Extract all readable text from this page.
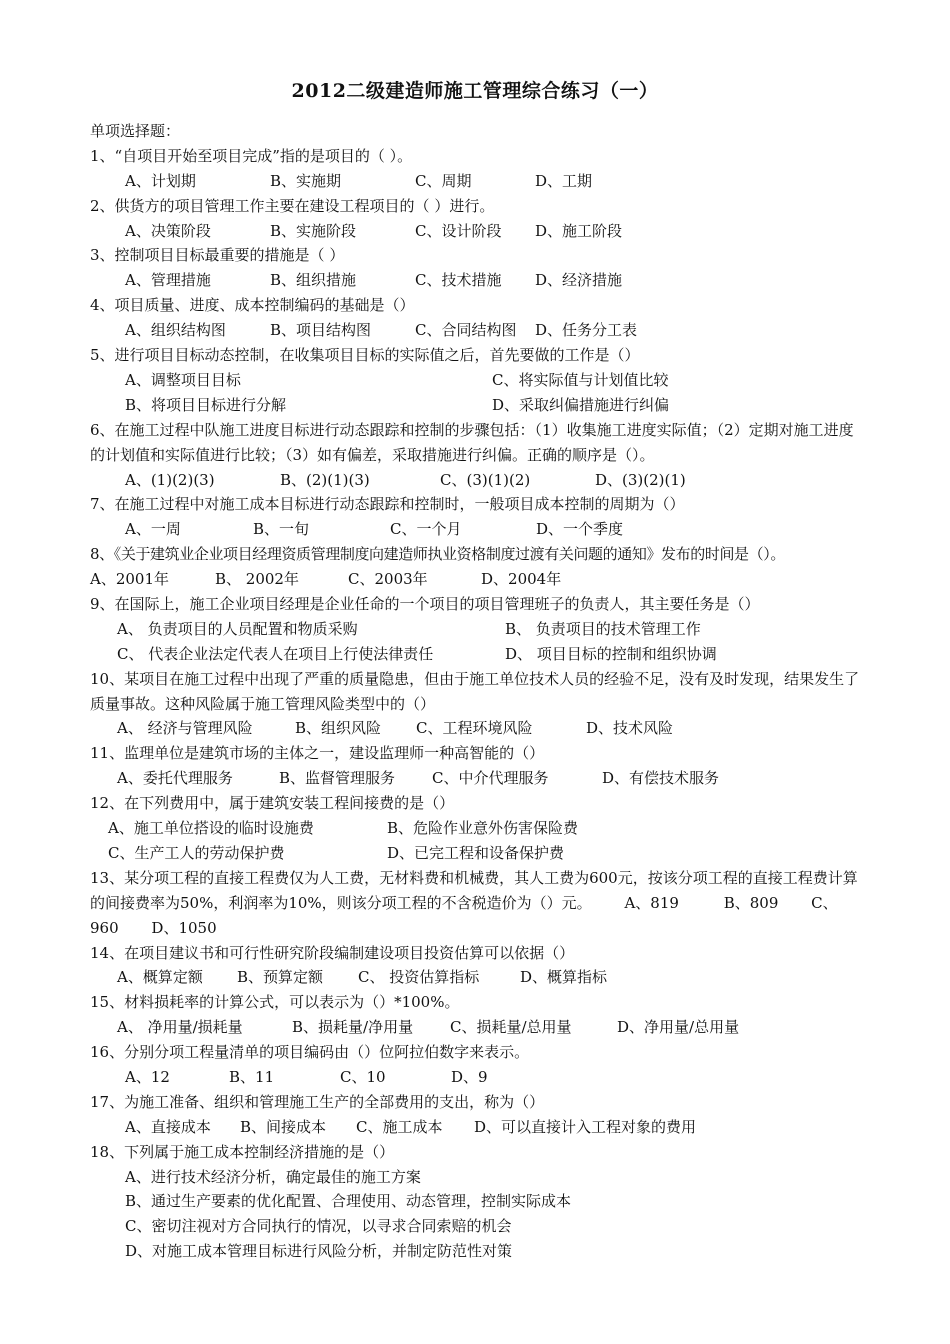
2012二级建造师施工管理综合练习（一）
单项选择题：
1、“自项目开始至项目完成”指的是项目的（ ）。
A、计划期	B、实施期	C、周期	D、工期
2、供货方的项目管理工作主要在建设工程项目的（ ）进行。
A、决策阶段	B、实施阶段	C、设计阶段	D、施工阶段
3、控制项目目标最重要的措施是（ ）
A、管理措施	B、组织措施	C、技术措施	D、经济措施
4、项目质量、进度、成本控制编码的基础是（）
A、组织结构图	B、项目结构图	C、合同结构图	D、任务分工表
5、进行项目目标动态控制，在收集项目目标的实际值之后，首先要做的工作是（）
A、调整项目目标	C、将实际值与计划值比较
B、将项目目标进行分解	D、采取纠偏措施进行纠偏
6、在施工过程中队施工进度目标进行动态跟踪和控制的步骤包括：（1）收集施工进度实际值；（2）定期对施工进度的计划值和实际值进行比较；（3）如有偏差，采取措施进行纠偏。正确的顺序是（）。
A、(1)(2)(3)	B、(2)(1)(3)	C、(3)(1)(2)	D、(3)(2)(1)
7、在施工过程中对施工成本目标进行动态跟踪和控制时，一般项目成本控制的周期为（）
A、一周	B、一旬	C、一个月	D、一个季度
8、《关于建筑业企业项目经理资质管理制度向建造师执业资格制度过渡有关问题的通知》发布的时间是（）。
A、2001年	B、 2002年	C、2003年	D、2004年
9、在国际上，施工企业项目经理是企业任命的一个项目的项目管理班子的负责人，其主要任务是（）
A、 负责项目的人员配置和物质采购	B、 负责项目的技术管理工作
C、 代表企业法定代表人在项目上行使法律责任	D、 项目目标的控制和组织协调
10、某项目在施工过程中出现了严重的质量隐患，但由于施工单位技术人员的经验不足，没有及时发现，结果发生了质量事故。这种风险属于施工管理风险类型中的（）
A、 经济与管理风险	B、组织风险	C、工程环境风险	D、技术风险
11、监理单位是建筑市场的主体之一，建设监理师一种高智能的（）
A、委托代理服务	B、监督管理服务	C、中介代理服务	D、有偿技术服务
12、在下列费用中，属于建筑安装工程间接费的是（）
A、施工单位搭设的临时设施费	B、危险作业意外伤害保险费
C、生产工人的劳动保护费	D、已完工程和设备保护费
13、某分项工程的直接工程费仅为人工费，无材料费和机械费，其人工费为600元，按该分项工程的直接工程费计算的间接费率为50%，利润率为10%，则该分项工程的不含税造价为（）元。 A、819	B、809 C、960 D、1050
14、在项目建议书和可行性研究阶段编制建设项目投资估算可以依据（）
A、概算定额	B、预算定额	C、 投资估算指标	D、概算指标
15、材料损耗率的计算公式，可以表示为（）*100%。
A、 净用量/损耗量	B、损耗量/净用量	C、损耗量/总用量	D、净用量/总用量
16、分别分项工程量清单的项目编码由（）位阿拉伯数字来表示。
A、12	B、11	C、10	D、9
17、为施工准备、组织和管理施工生产的全部费用的支出，称为（）
A、直接成本	B、间接成本	C、施工成本	D、可以直接计入工程对象的费用
18、下列属于施工成本控制经济措施的是（）
A、进行技术经济分析，确定最佳的施工方案
B、通过生产要素的优化配置、合理使用、动态管理，控制实际成本
C、密切注视对方合同执行的情况，以寻求合同索赔的机会
D、对施工成本管理目标进行风险分析，并制定防范性对策
